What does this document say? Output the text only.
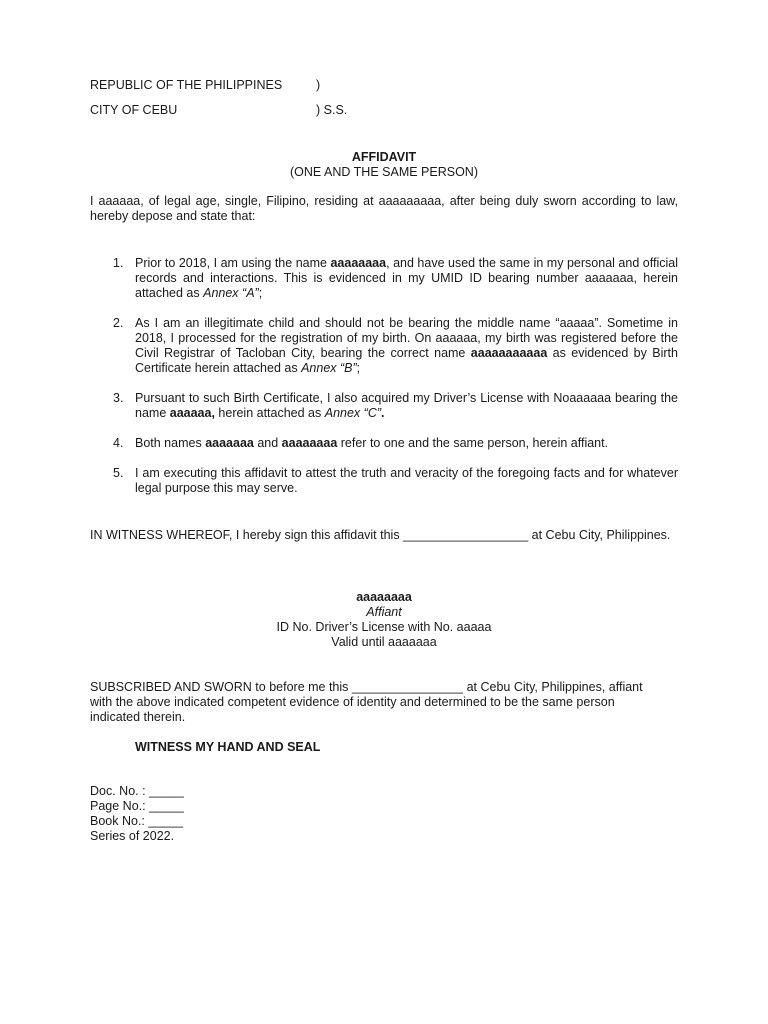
REPUBLIC OF THE PHILIPPINES	)
CITY OF CEBU	) S.S.
AFFIDAVIT
(ONE AND THE SAME PERSON)
I aaaaaa, of legal age, single, Filipino, residing at aaaaaaaaa, after being duly sworn according to law, hereby depose and state that:
1. Prior to 2018, I am using the name aaaaaaaa, and have used the same in my personal and official records and interactions. This is evidenced in my UMID ID bearing number aaaaaaa, herein attached as Annex “A”;
2. As I am an illegitimate child and should not be bearing the middle name “aaaaa”. Sometime in 2018, I processed for the registration of my birth. On aaaaaa, my birth was registered before the Civil Registrar of Tacloban City, bearing the correct name aaaaaaaaaaa as evidenced by Birth Certificate herein attached as Annex “B”;
3. Pursuant to such Birth Certificate, I also acquired my Driver’s License with Noaaaaaa bearing the name aaaaaa, herein attached as Annex “C”.
4. Both names aaaaaaa and aaaaaaaa refer to one and the same person, herein affiant.
5. I am executing this affidavit to attest the truth and veracity of the foregoing facts and for whatever legal purpose this may serve.
IN WITNESS WHEREOF, I hereby sign this affidavit this __________________ at Cebu City, Philippines.
aaaaaaaa
Affiant
ID No. Driver’s License with No. aaaaa
Valid until aaaaaaa
SUBSCRIBED AND SWORN to before me this ________________ at Cebu City, Philippines, affiant with the above indicated competent evidence of identity and determined to be the same person indicated therein.
WITNESS MY HAND AND SEAL
Doc. No. : _____
Page No.: _____
Book No.: _____
Series of 2022.
